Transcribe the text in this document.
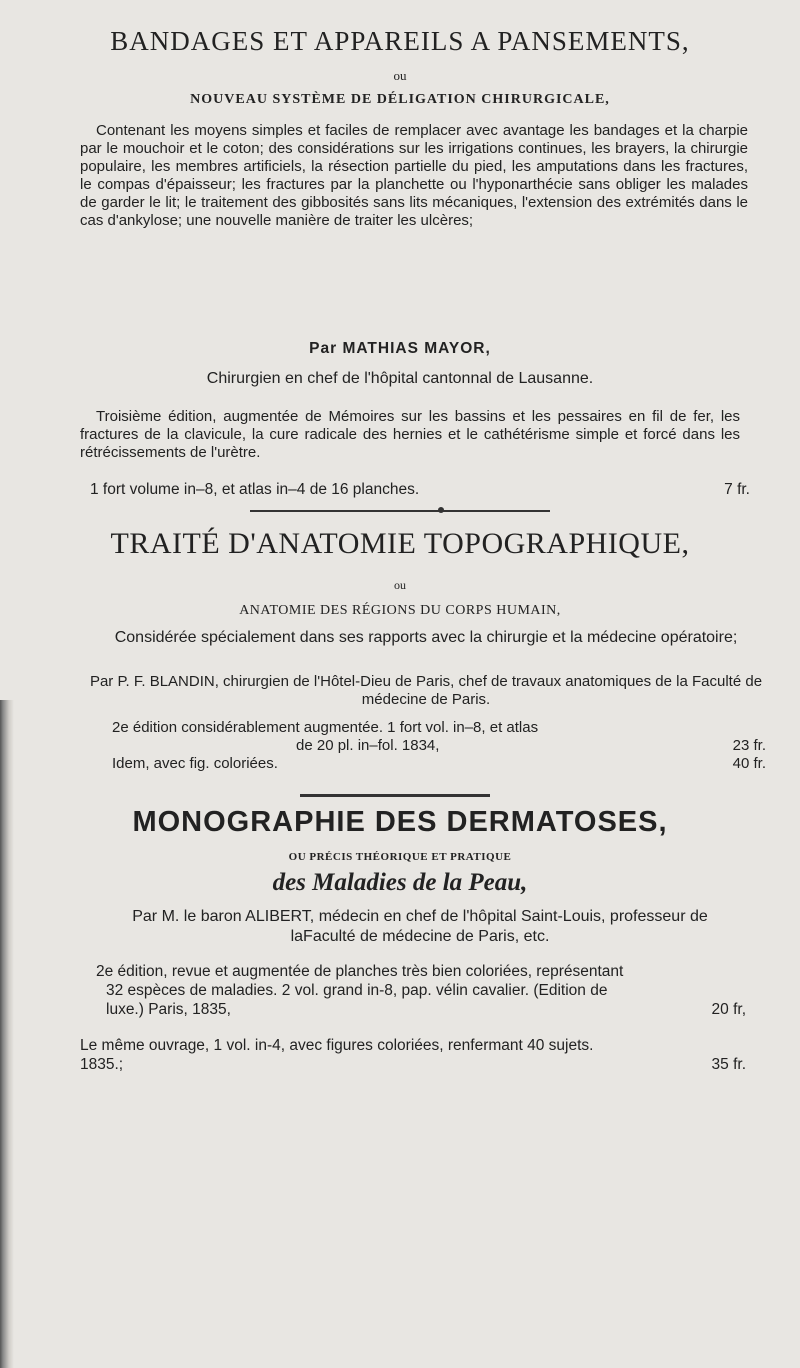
BANDAGES ET APPAREILS A PANSEMENTS,
ou
NOUVEAU SYSTÈME DE DÉLIGATION CHIRURGICALE,
Contenant les moyens simples et faciles de remplacer avec avantage les bandages et la charpie par le mouchoir et le coton; des considérations sur les irrigations continues, les brayers, la chirurgie populaire, les membres artificiels, la résection partielle du pied, les amputations dans les fractures, le compas d'épaisseur; les fractures par la planchette ou l'hyponarthécie sans obliger les malades de garder le lit; le traitement des gibbosités sans lits mécaniques, l'extension des extrémités dans le cas d'ankylose; une nouvelle manière de traiter les ulcères;
Par MATHIAS MAYOR,
Chirurgien en chef de l'hôpital cantonnal de Lausanne.
Troisième édition, augmentée de Mémoires sur les bassins et les pessaires en fil de fer, les fractures de la clavicule, la cure radicale des hernies et le cathétérisme simple et forcé dans les rétrécissements de l'urètre.
1 fort volume in–8, et atlas in–4 de 16 planches.	7 fr.
TRAITÉ D'ANATOMIE TOPOGRAPHIQUE,
ou
ANATOMIE DES RÉGIONS DU CORPS HUMAIN,
Considérée spécialement dans ses rapports avec la chirurgie et la médecine opératoire;
Par P. F. BLANDIN, chirurgien de l'Hôtel-Dieu de Paris, chef de travaux anatomiques de la Faculté de médecine de Paris.
2e édition considérablement augmentée. 1 fort vol. in–8, et atlas
de 20 pl. in–fol. 1834,	23 fr.
Idem, avec fig. coloriées.	40 fr.
MONOGRAPHIE DES DERMATOSES,
OU PRÉCIS THÉORIQUE ET PRATIQUE
des Maladies de la Peau,
Par M. le baron ALIBERT, médecin en chef de l'hôpital Saint-Louis, professeur de laFaculté de médecine de Paris, etc.

2e édition, revue et augmentée de planches très bien coloriées, représentant

32 espèces de maladies. 2 vol. grand in-8, pap. vélin cavalier. (Edition de

luxe.) Paris, 1835,	20 fr,

Le même ouvrage, 1 vol. in-4, avec figures coloriées, renfermant 40 sujets.

1835.;	35 fr.
